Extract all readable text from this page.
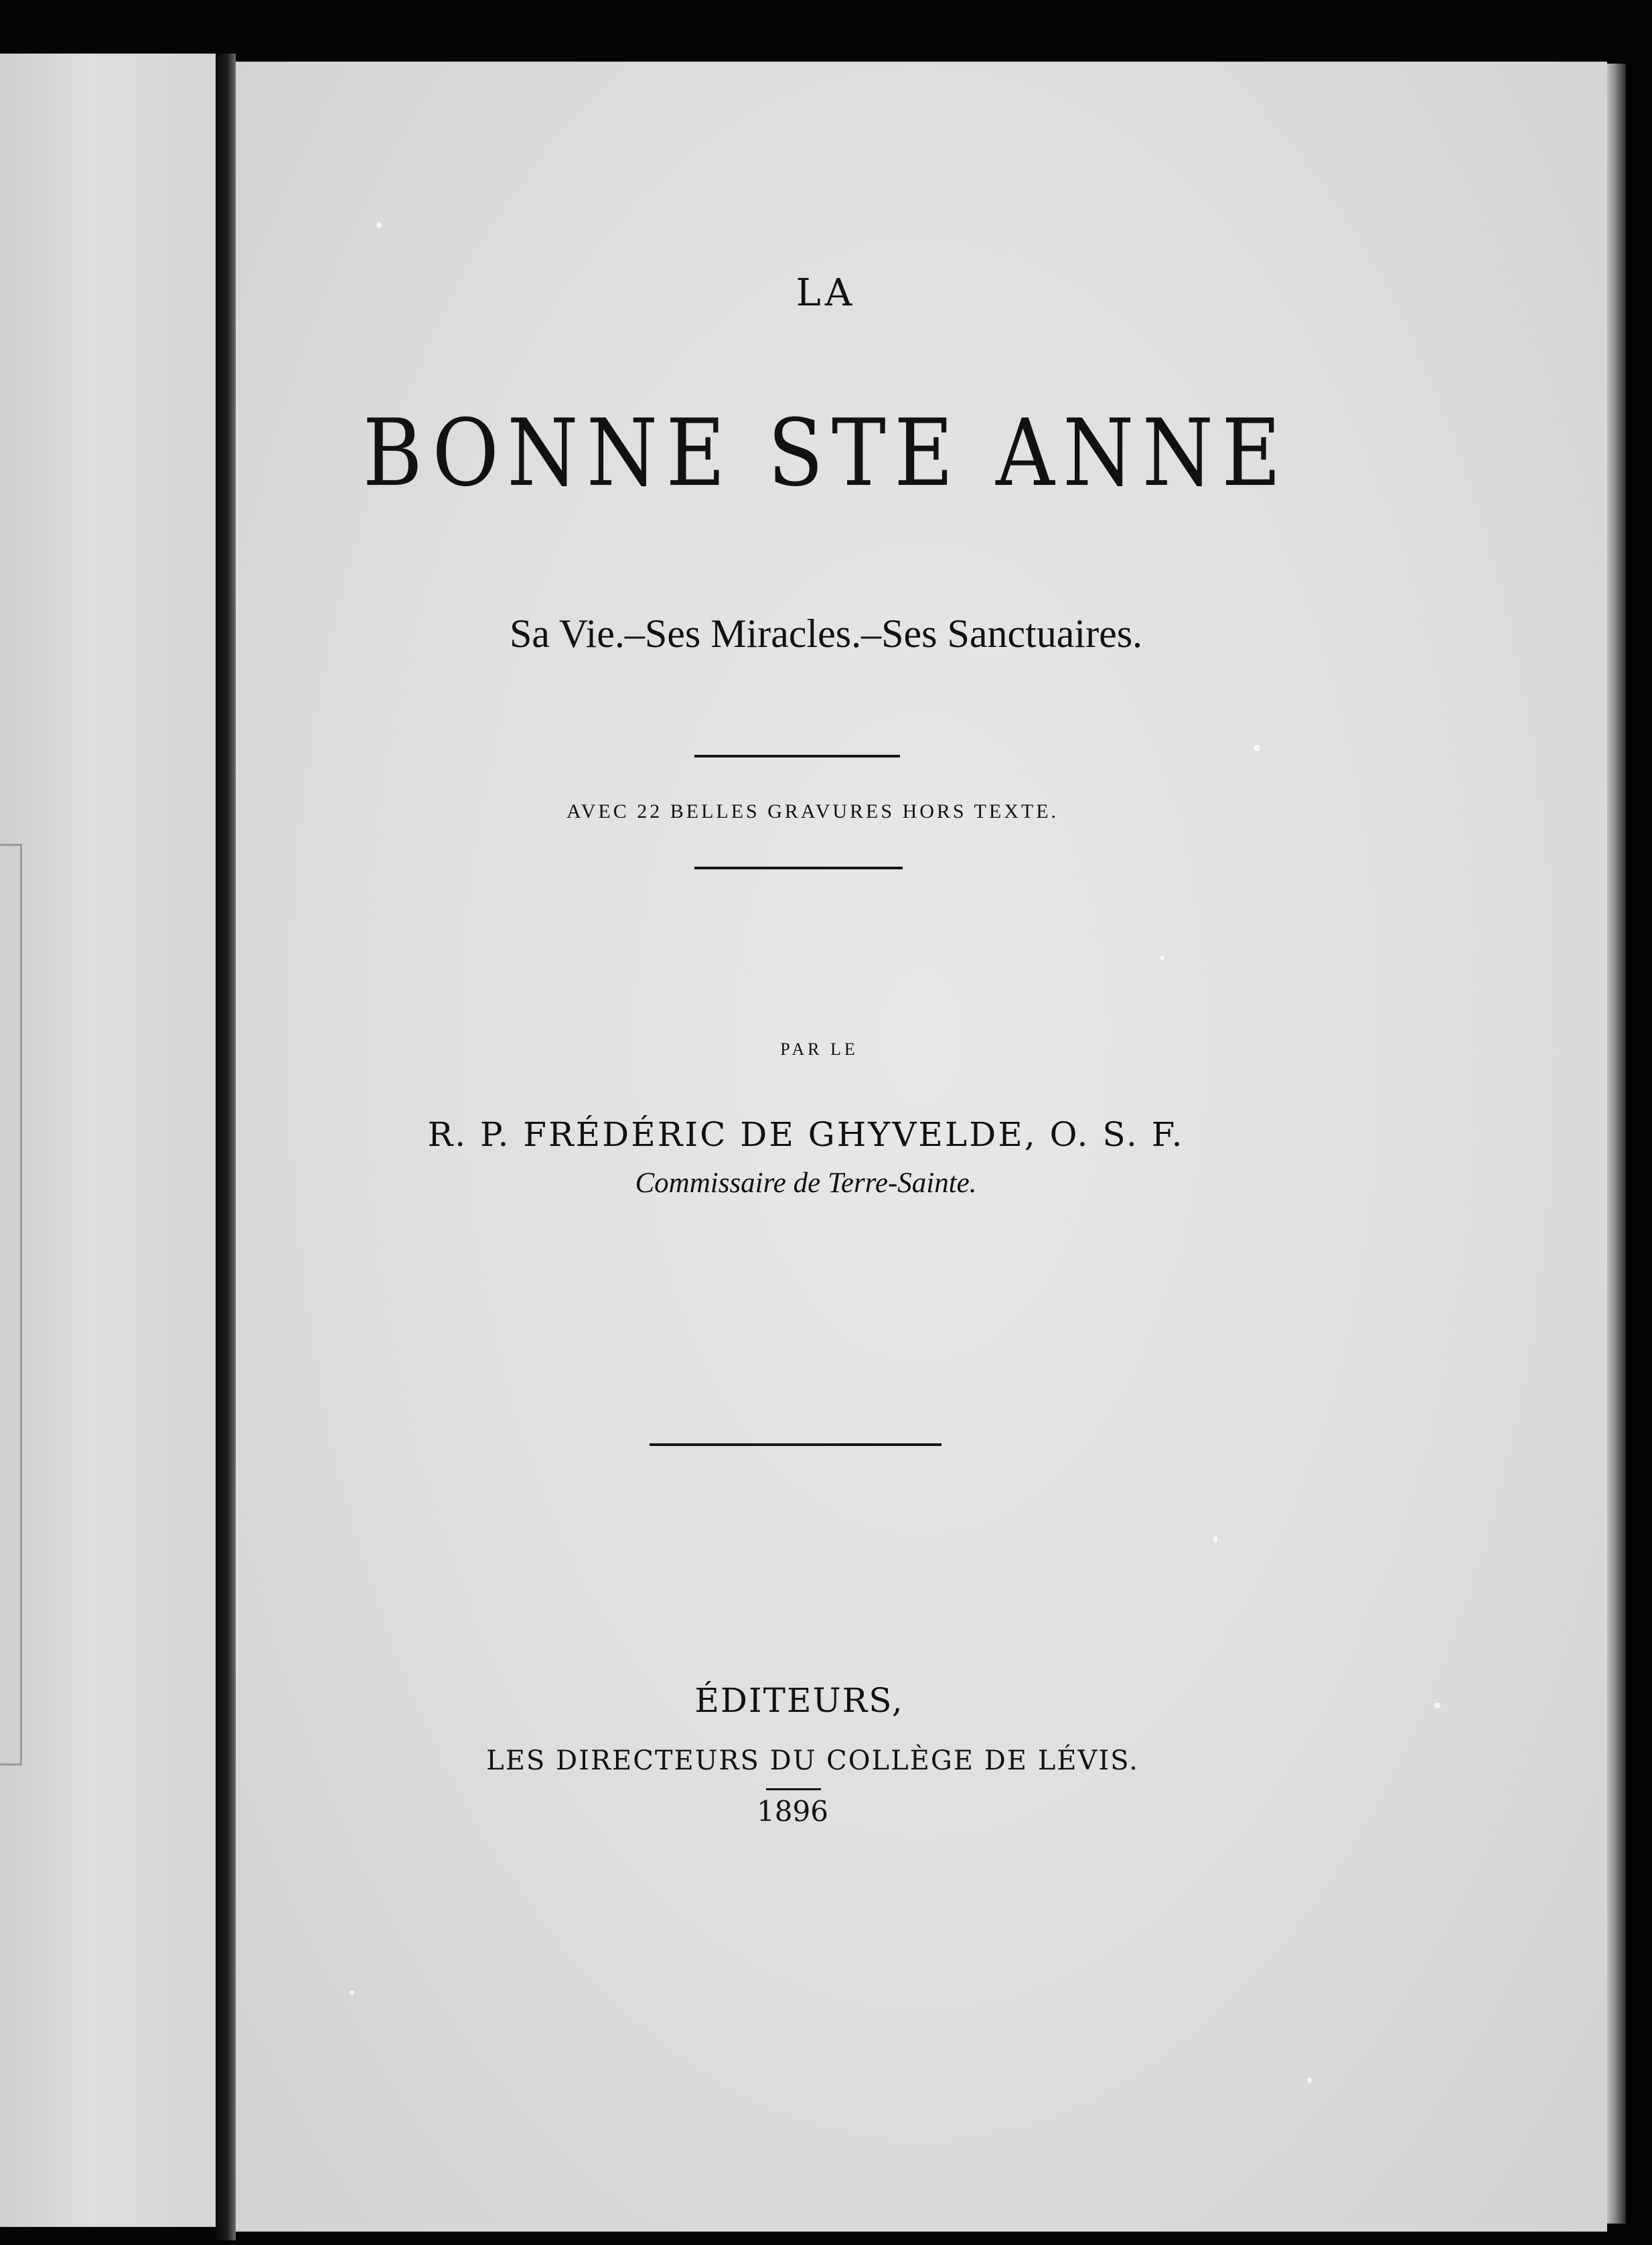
LA
BONNE STE ANNE
Sa Vie.–Ses Miracles.–Ses Sanctuaires.
AVEC 22 BELLES GRAVURES HORS TEXTE.
PAR LE
R. P. FRÉDÉRIC DE GHYVELDE, O. S. F.
Commissaire de Terre-Sainte.
ÉDITEURS,
LES DIRECTEURS DU COLLÈGE DE LÉVIS.
1896
